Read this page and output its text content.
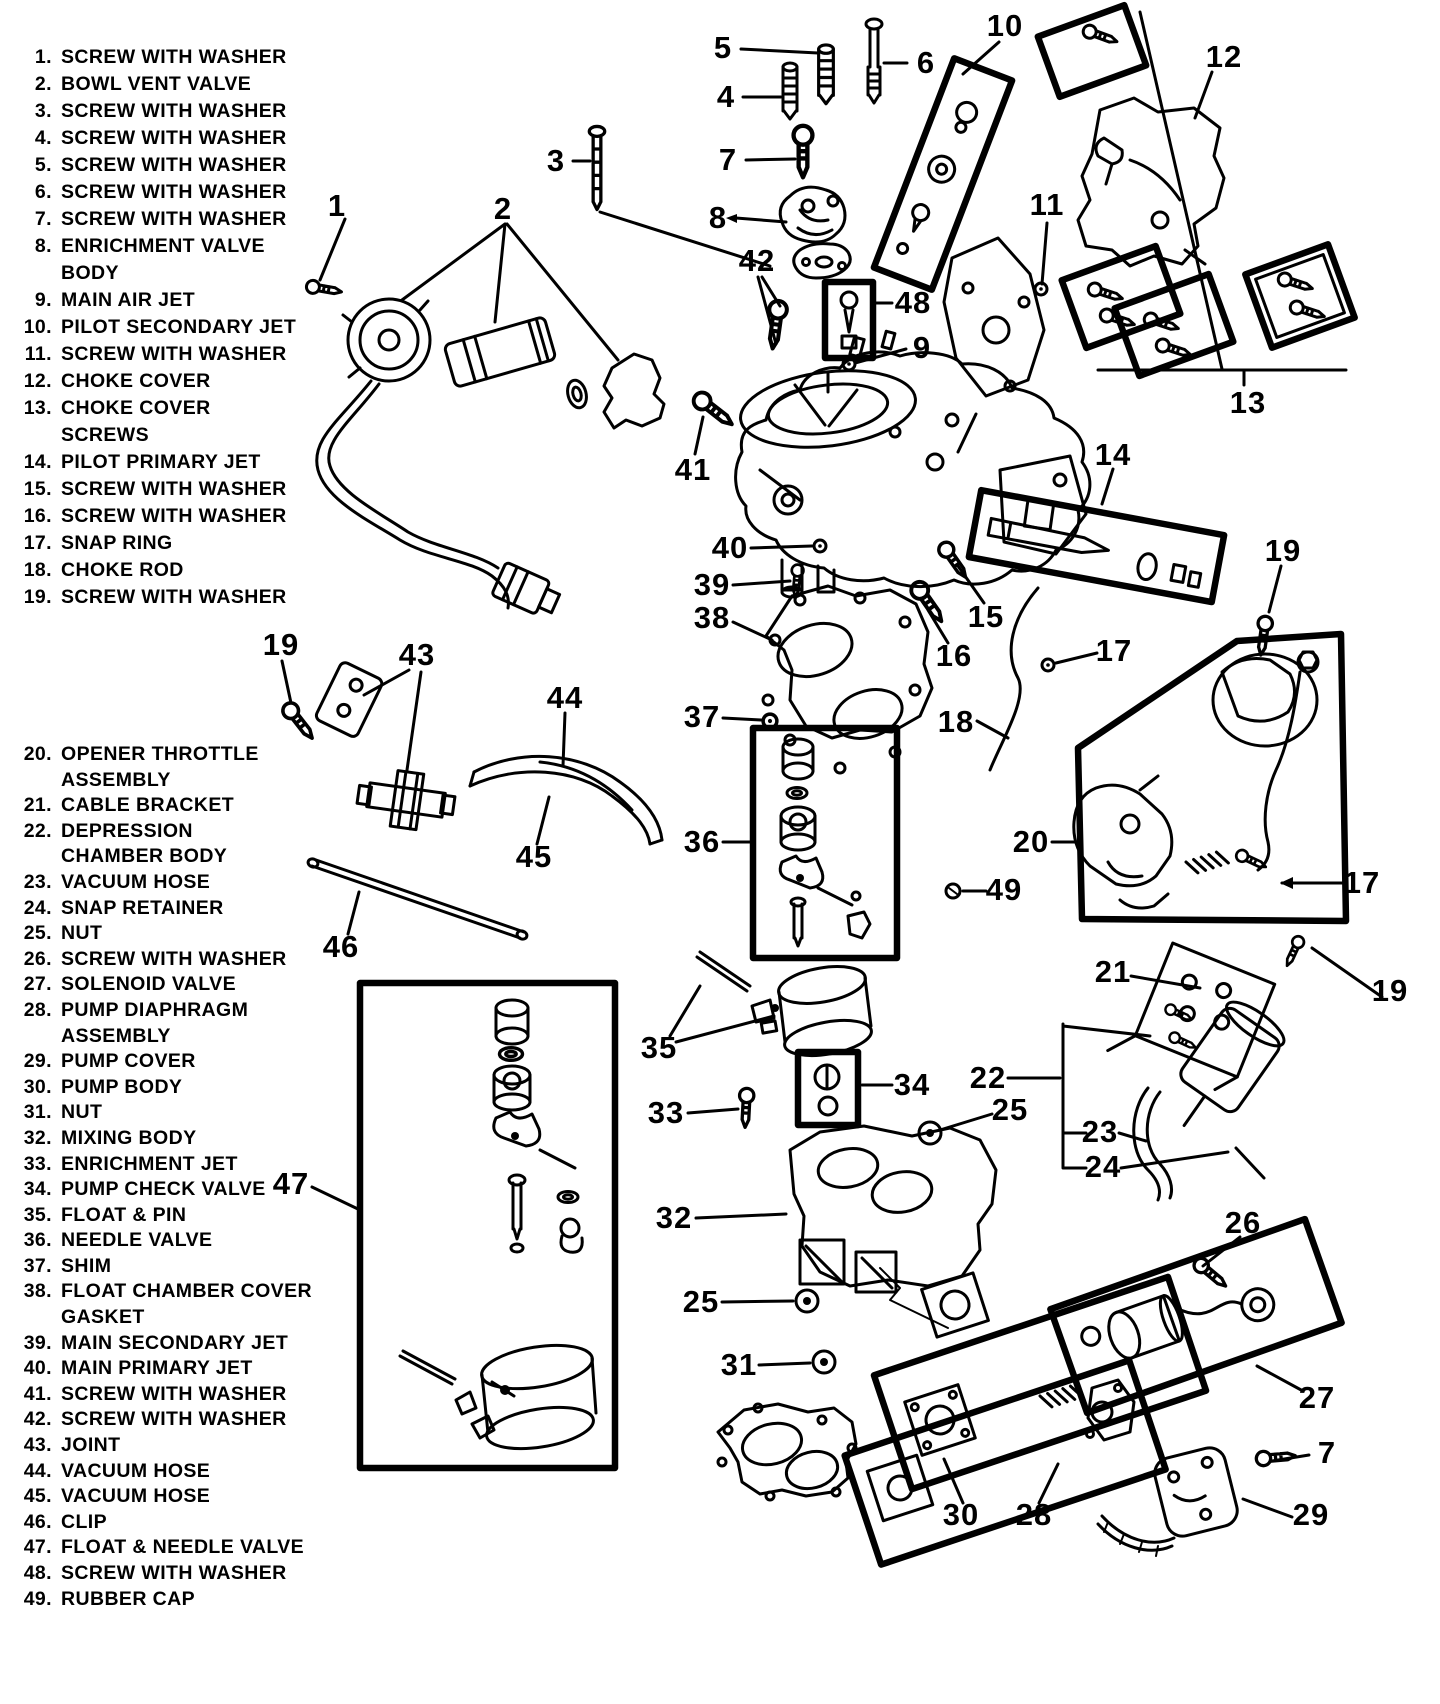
1. SCREW WITH WASHER
2. BOWL VENT VALVE
3. SCREW WITH WASHER
4. SCREW WITH WASHER
5. SCREW WITH WASHER
6. SCREW WITH WASHER
7. SCREW WITH WASHER
8. ENRICHMENT VALVE
BODY
9. MAIN AIR JET
10. PILOT SECONDARY JET
11. SCREW WITH WASHER
12. CHOKE COVER
13. CHOKE COVER
SCREWS
14. PILOT PRIMARY JET
15. SCREW WITH WASHER
16. SCREW WITH WASHER
17. SNAP RING
18. CHOKE ROD
19. SCREW WITH WASHER
20. OPENER THROTTLE
ASSEMBLY
21. CABLE BRACKET
22. DEPRESSION
CHAMBER BODY
23. VACUUM HOSE
24. SNAP RETAINER
25. NUT
26. SCREW WITH WASHER
27. SOLENOID VALVE
28. PUMP DIAPHRAGM
ASSEMBLY
29. PUMP COVER
30. PUMP BODY
31. NUT
32. MIXING BODY
33. ENRICHMENT JET
34. PUMP CHECK VALVE
35. FLOAT & PIN
36. NEEDLE VALVE
37. SHIM
38. FLOAT CHAMBER COVER
GASKET
39. MAIN SECONDARY JET
40. MAIN PRIMARY JET
41. SCREW WITH WASHER
42. SCREW WITH WASHER
43. JOINT
44. VACUUM HOSE
45. VACUUM HOSE
46. CLIP
47. FLOAT & NEEDLE VALVE
48. SCREW WITH WASHER
49. RUBBER CAP
1	2
3
4
5	6
7
8
42
48
9
10
11
12
13
41
40
39
38
14
15
16	17
18
19
20
49	17
21
19
22
25
23
24
37
36
35
34
33
32
25
31
26
27
7
29
30 28
19	43
44
45
46
47
